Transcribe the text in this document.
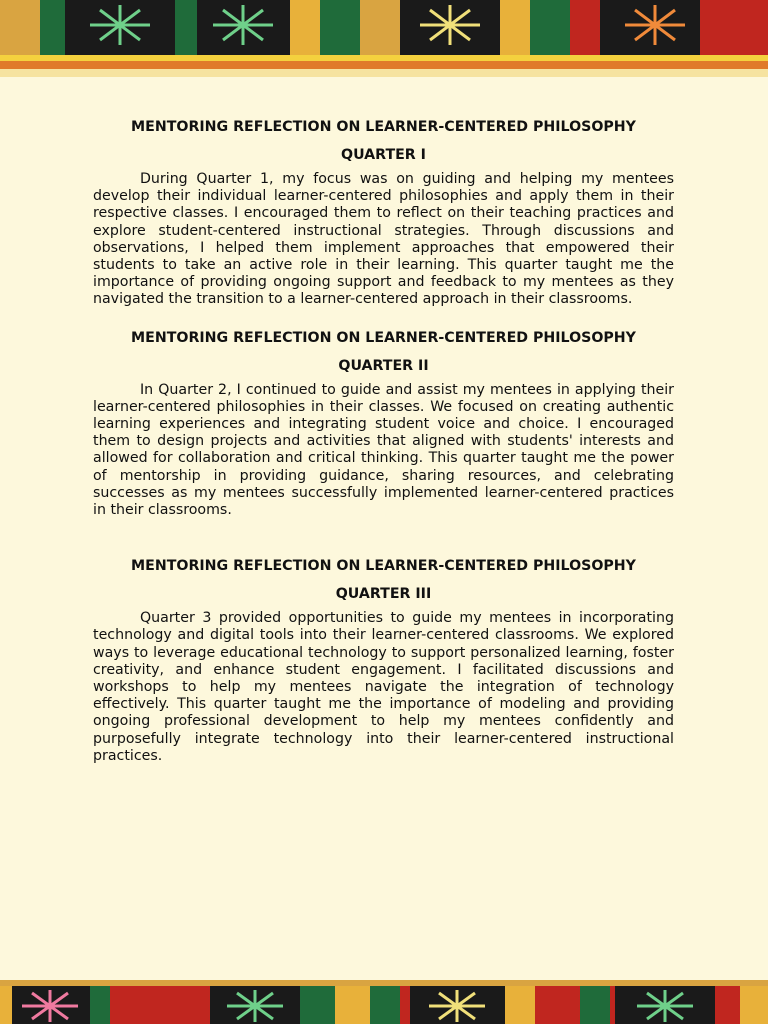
MENTORING REFLECTION ON LEARNER-CENTERED PHILOSOPHY
QUARTER I

During Quarter 1, my focus was on guiding and helping my mentees develop their individual learner-centered philosophies and apply them in their respective classes. I encouraged them to reflect on their teaching practices and explore student-centered instructional strategies. Through discussions and observations, I helped them implement approaches that empowered their students to take an active role in their learning. This quarter taught me the importance of providing ongoing support and feedback to my mentees as they navigated the transition to a learner-centered approach in their classrooms.

MENTORING REFLECTION ON LEARNER-CENTERED PHILOSOPHY
QUARTER II

In Quarter 2, I continued to guide and assist my mentees in applying their learner-centered philosophies in their classes. We focused on creating authentic learning experiences and integrating student voice and choice. I encouraged them to design projects and activities that aligned with students' interests and allowed for collaboration and critical thinking. This quarter taught me the power of mentorship in providing guidance, sharing resources, and celebrating successes as my mentees successfully implemented learner-centered practices in their classrooms.

MENTORING REFLECTION ON LEARNER-CENTERED PHILOSOPHY
QUARTER III

Quarter 3 provided opportunities to guide my mentees in incorporating technology and digital tools into their learner-centered classrooms. We explored ways to leverage educational technology to support personalized learning, foster creativity, and enhance student engagement. I facilitated discussions and workshops to help my mentees navigate the integration of technology effectively. This quarter taught me the importance of modeling and providing ongoing professional development to help my mentees confidently and purposefully integrate technology into their learner-centered instructional practices.
